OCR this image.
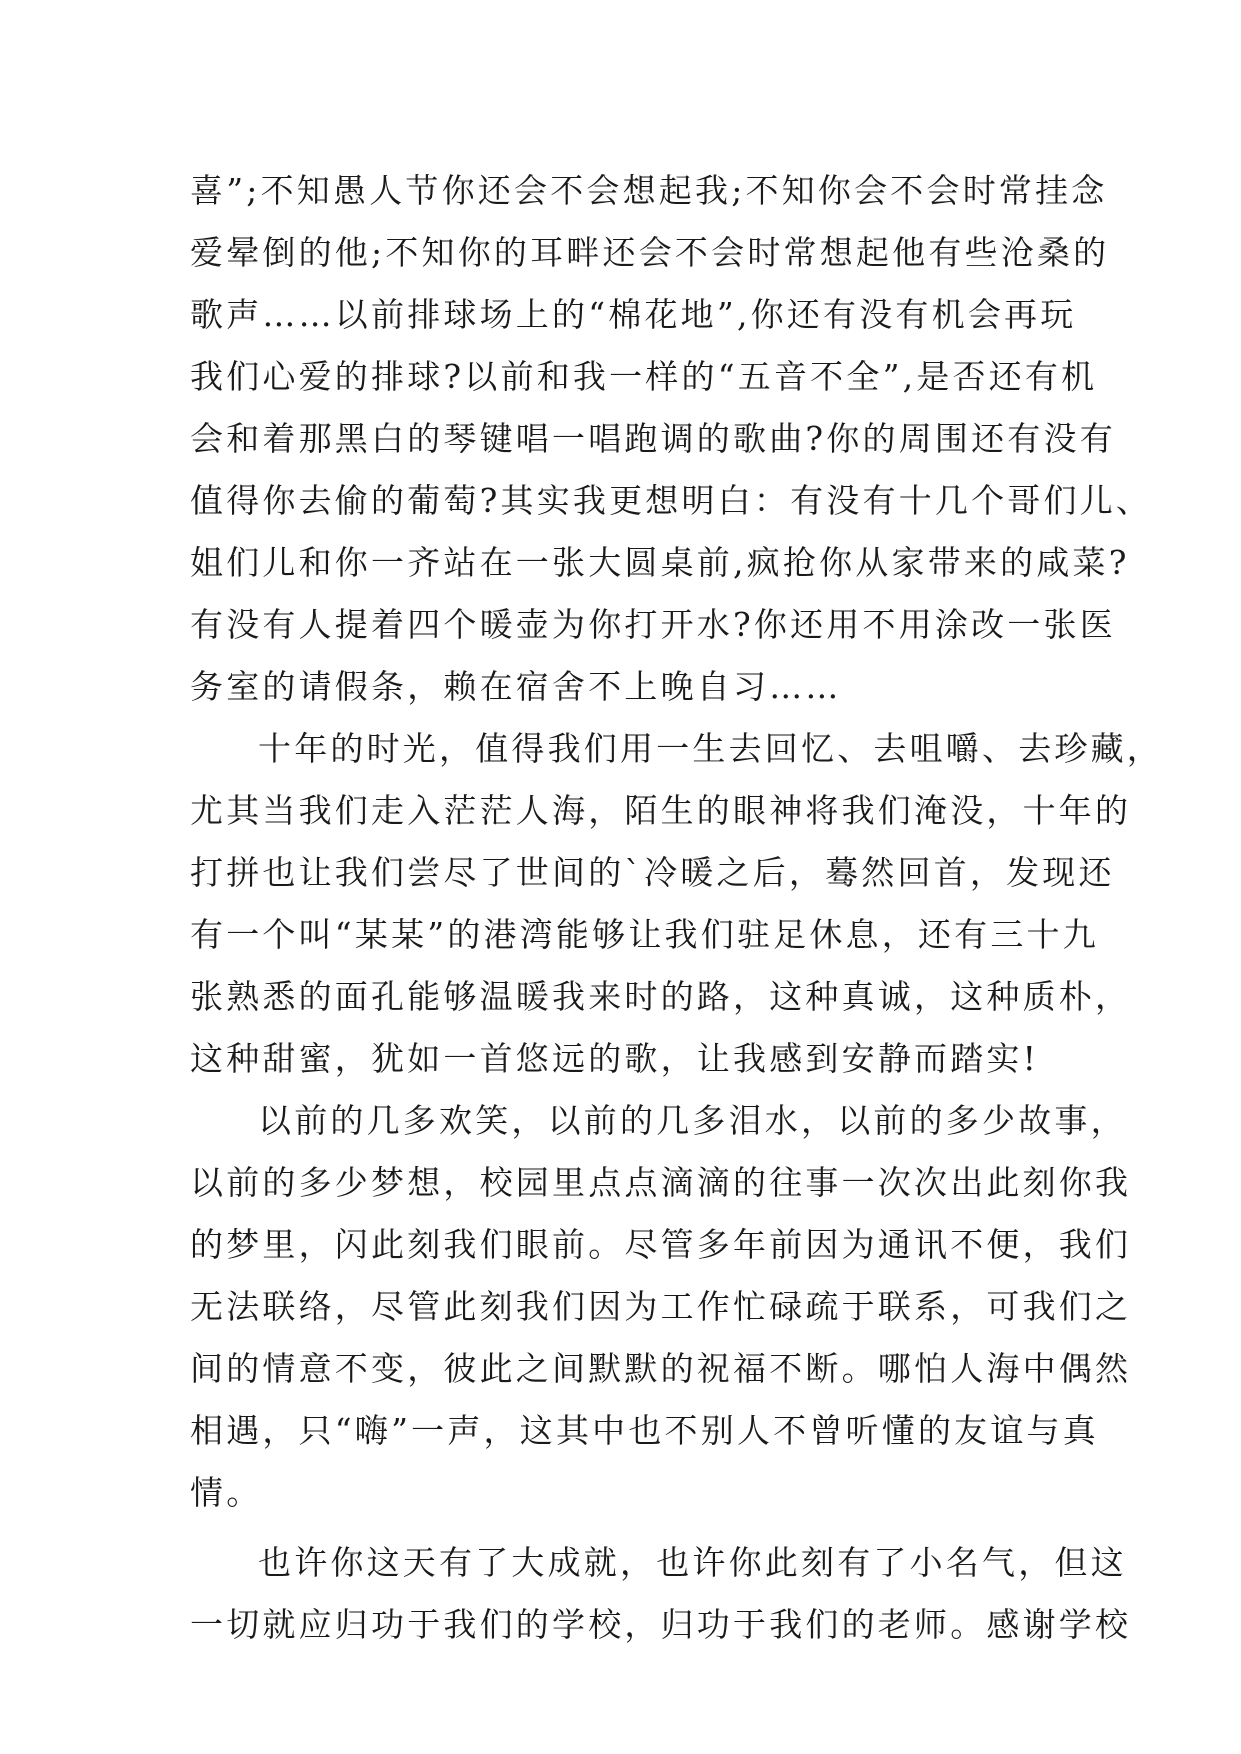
喜”;不知愚人节你还会不会想起我;不知你会不会时常挂念
爱晕倒的他;不知你的耳畔还会不会时常想起他有些沧桑的
歌声……以前排球场上的“棉花地”,你还有没有机会再玩
我们心爱的排球?以前和我一样的“五音不全”,是否还有机
会和着那黑白的琴键唱一唱跑调的歌曲?你的周围还有没有
值得你去偷的葡萄?其实我更想明白：有没有十几个哥们儿、
姐们儿和你一齐站在一张大圆桌前,疯抢你从家带来的咸菜?
有没有人提着四个暖壶为你打开水?你还用不用涂改一张医
务室的请假条，赖在宿舍不上晚自习……
十年的时光，值得我们用一生去回忆、去咀嚼、去珍藏，
尤其当我们走入茫茫人海，陌生的眼神将我们淹没，十年的
打拼也让我们尝尽了世间的`冷暖之后，蓦然回首，发现还
有一个叫“某某”的港湾能够让我们驻足休息，还有三十九
张熟悉的面孔能够温暖我来时的路，这种真诚，这种质朴，
这种甜蜜，犹如一首悠远的歌，让我感到安静而踏实!
以前的几多欢笑，以前的几多泪水，以前的多少故事，
以前的多少梦想，校园里点点滴滴的往事一次次出此刻你我
的梦里，闪此刻我们眼前。尽管多年前因为通讯不便，我们
无法联络，尽管此刻我们因为工作忙碌疏于联系，可我们之
间的情意不变，彼此之间默默的祝福不断。哪怕人海中偶然
相遇，只“嗨”一声，这其中也不别人不曾听懂的友谊与真
情。
也许你这天有了大成就，也许你此刻有了小名气，但这
一切就应归功于我们的学校，归功于我们的老师。感谢学校
